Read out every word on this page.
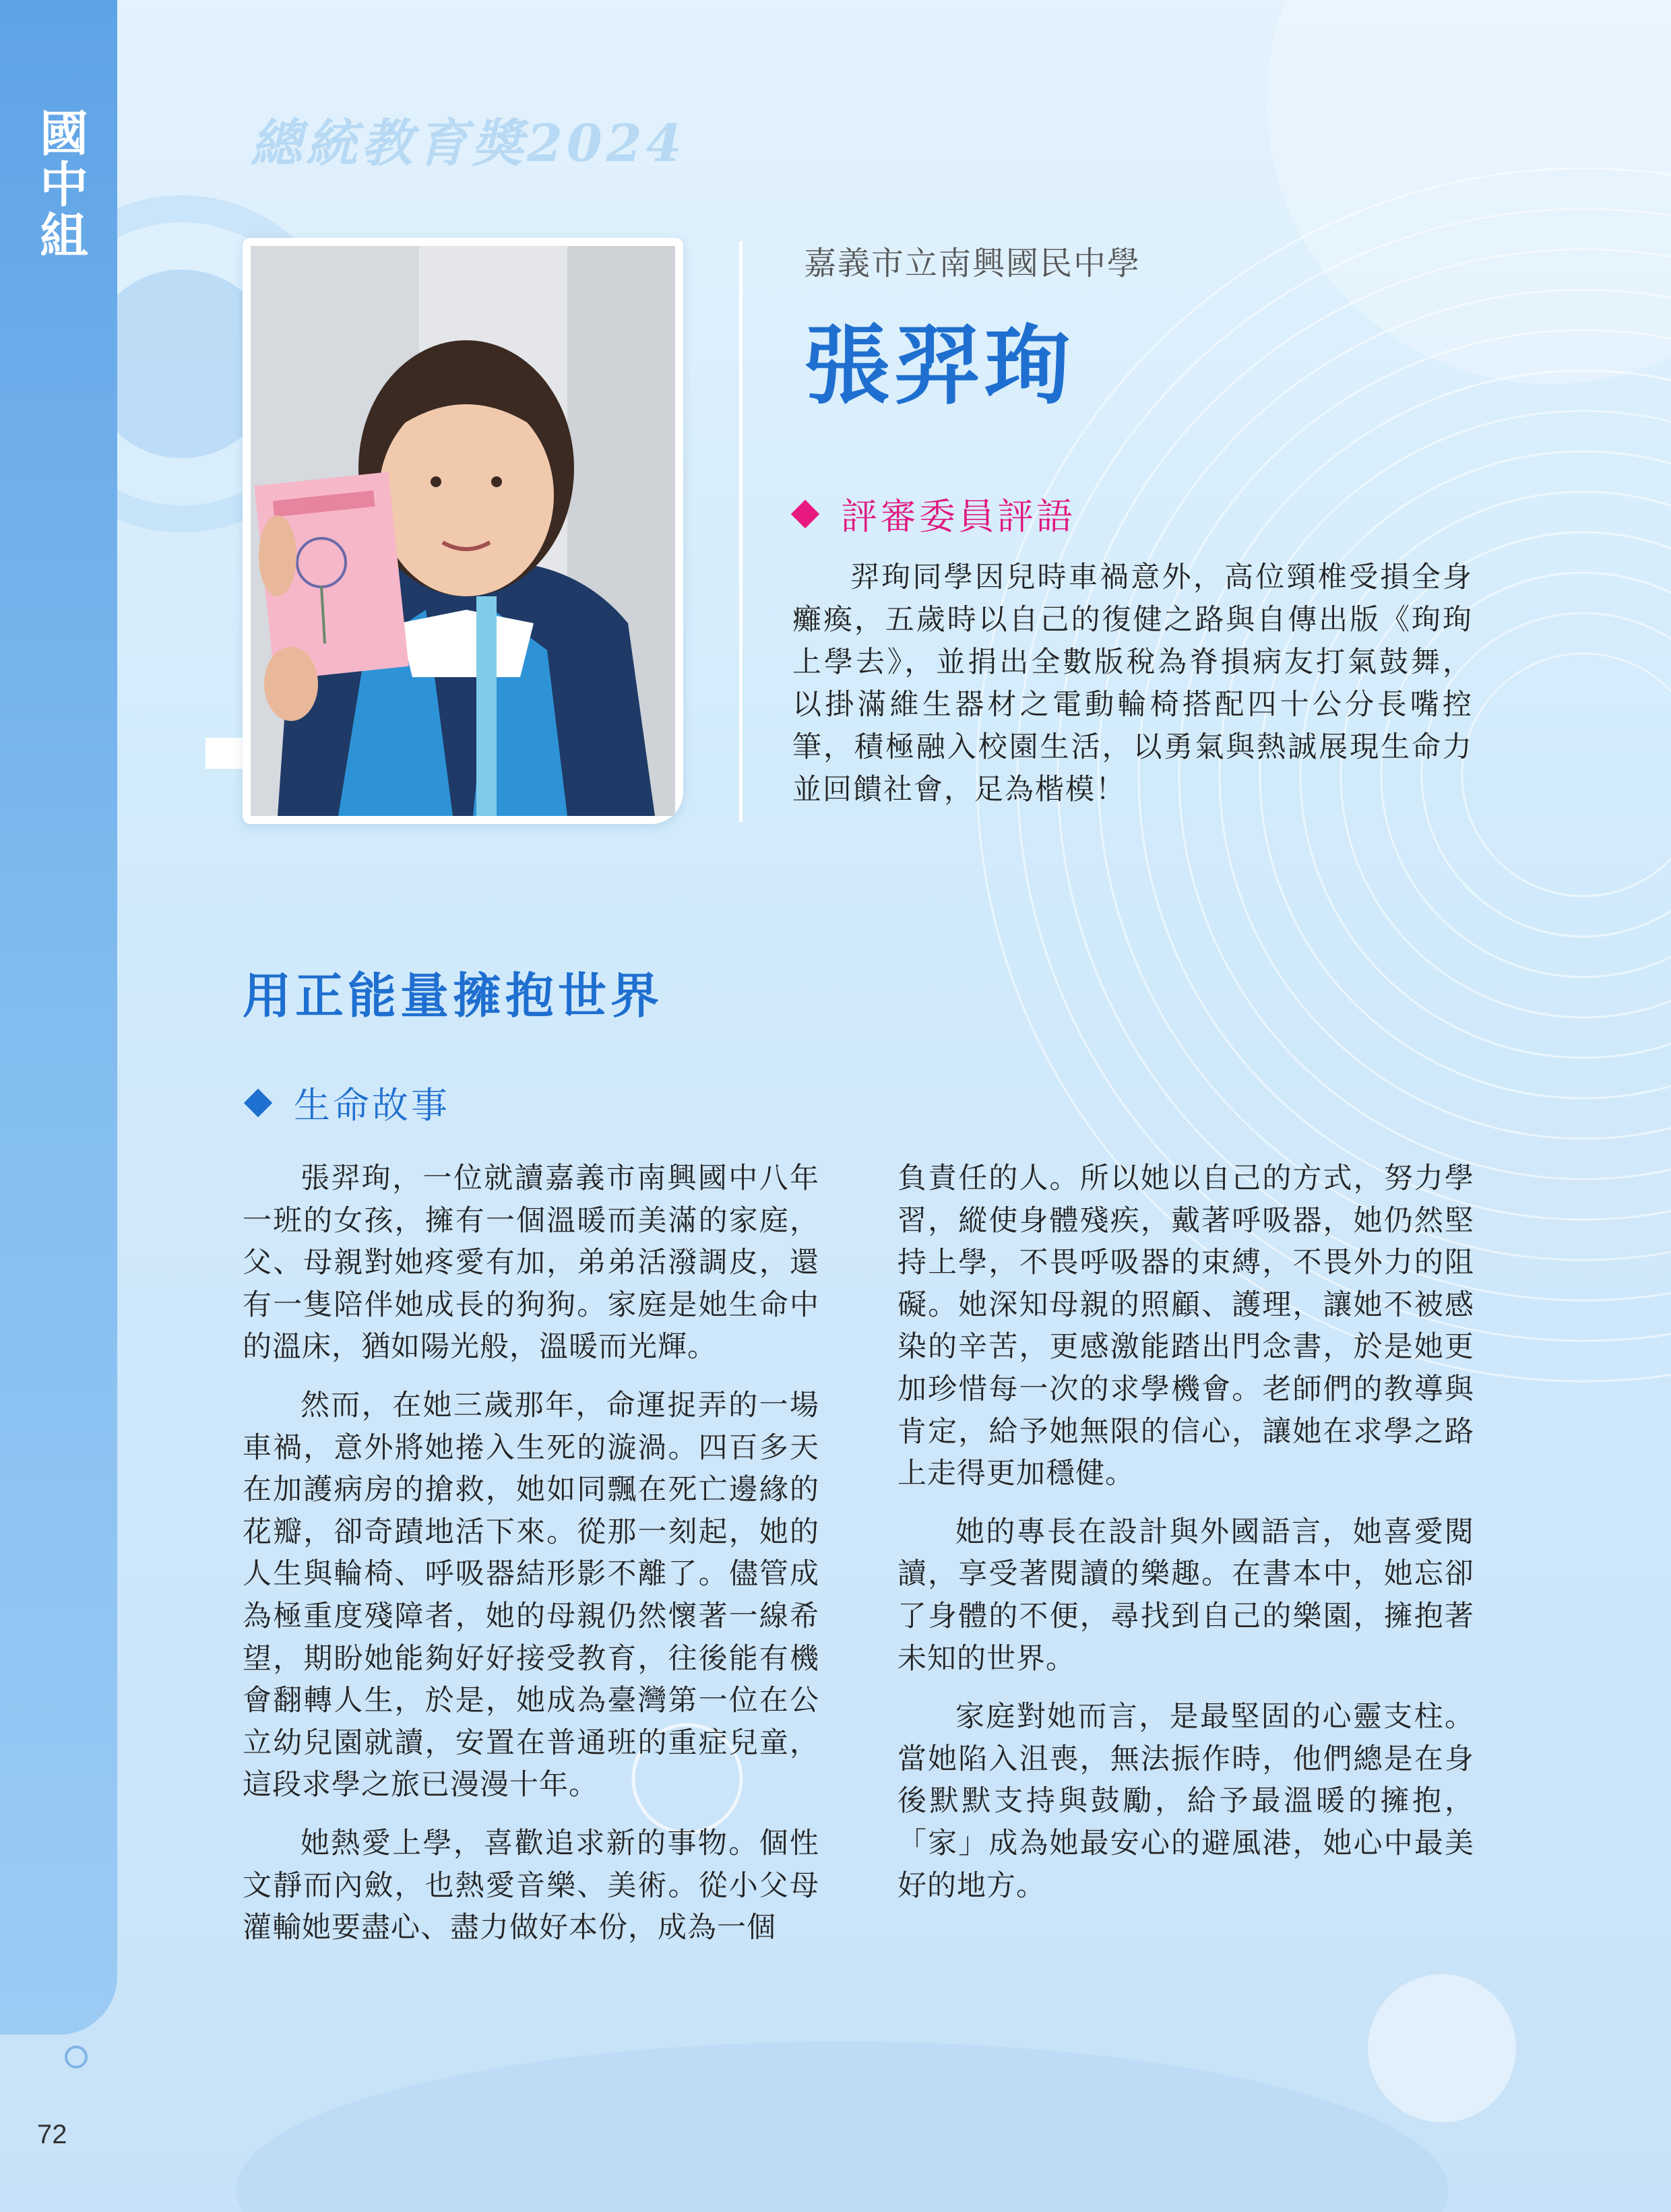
國中組
72
總統教育獎2024
嘉義市立南興國民中學
張羿珣
評審委員評語

羿珣同學因兒時車禍意外，高位頸椎受損全身癱瘓，五歲時以自己的復健之路與自傳出版《珣珣上學去》，並捐出全數版稅為脊損病友打氣鼓舞，以掛滿維生器材之電動輪椅搭配四十公分長嘴控筆，積極融入校園生活，以勇氣與熱誠展現生命力並回饋社會，足為楷模！

用正能量擁抱世界
生命故事

張羿珣，一位就讀嘉義市南興國中八年一班的女孩，擁有一個溫暖而美滿的家庭，父、母親對她疼愛有加，弟弟活潑調皮，還有一隻陪伴她成長的狗狗。家庭是她生命中的溫床，猶如陽光般，溫暖而光輝。

然而，在她三歲那年，命運捉弄的一場車禍，意外將她捲入生死的漩渦。四百多天在加護病房的搶救，她如同飄在死亡邊緣的花瓣，卻奇蹟地活下來。從那一刻起，她的人生與輪椅、呼吸器結形影不離了。儘管成為極重度殘障者，她的母親仍然懷著一線希望，期盼她能夠好好接受教育，往後能有機會翻轉人生，於是，她成為臺灣第一位在公立幼兒園就讀，安置在普通班的重症兒童，這段求學之旅已漫漫十年。

她熱愛上學，喜歡追求新的事物。個性文靜而內斂，也熱愛音樂、美術。從小父母灌輸她要盡心、盡力做好本份，成為一個

負責任的人。所以她以自己的方式，努力學習，縱使身體殘疾，戴著呼吸器，她仍然堅持上學，不畏呼吸器的束縛，不畏外力的阻礙。她深知母親的照顧、護理，讓她不被感染的辛苦，更感激能踏出門念書，於是她更加珍惜每一次的求學機會。老師們的教導與肯定，給予她無限的信心，讓她在求學之路上走得更加穩健。

她的專長在設計與外國語言，她喜愛閱讀，享受著閱讀的樂趣。在書本中，她忘卻了身體的不便，尋找到自己的樂園，擁抱著未知的世界。

家庭對她而言，是最堅固的心靈支柱。當她陷入沮喪，無法振作時，他們總是在身後默默支持與鼓勵，給予最溫暖的擁抱，「家」成為她最安心的避風港，她心中最美好的地方。
